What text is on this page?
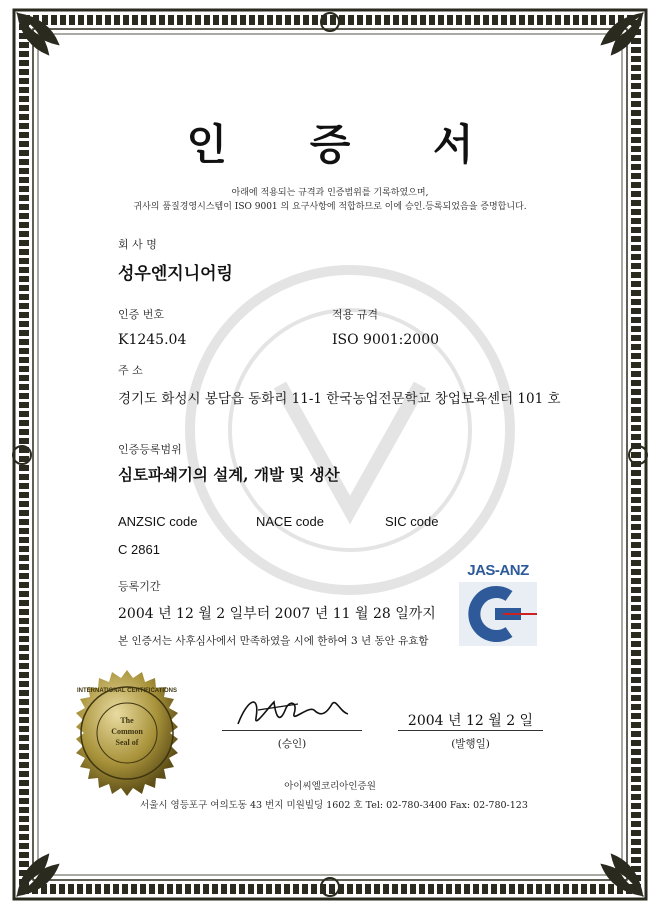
인 증 서
아래에 적용되는 규격과 인증범위를 기록하였으며,
귀사의 품질경영시스템이 ISO 9001 의 요구사항에 적합하므로 이에 승인.등록되었음을 증명합니다.
회 사 명
성우엔지니어링
인증 번호	적용 규격
K1245.04	ISO 9001:2000
주 소
경기도 화성시 봉담읍 동화리 11-1 한국농업전문학교 창업보육센터 101 호
인증등록범위
심토파쇄기의 설계, 개발 및 생산
ANZSIC code	NACE code	SIC code
C 2861
등록기간
2004 년 12 월 2 일부터 2007 년 11 월 28 일까지
본 인증서는 사후심사에서 만족하였을 시에 한하여 3 년 동안 유효함
JAS-ANZ
INTERNATIONAL CERTIFICATIONS
The
Common
Seal of	(승인)
2004 년 12 월 2 일
(발행일)
아이씨엘코리아인증원
서울시 영등포구 여의도동 43 번지 미원빌딩 1602 호 Tel: 02-780-3400 Fax: 02-780-123
